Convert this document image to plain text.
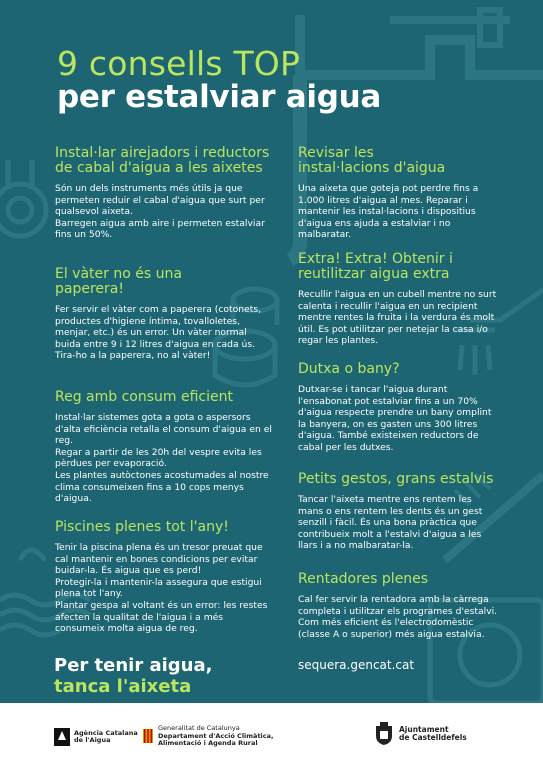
9 consells TOP
per estalviar aigua
Instal·lar airejadors i reductors de cabal d'aigua a les aixetes

Són un dels instruments més útils ja que permeten reduir el cabal d'aigua que surt per qualsevol aixeta.
Barregen aigua amb aire i permeten estalviar fins un 50%.

El vàter no és una paperera!

Fer servir el vàter com a paperera (cotonets, productes d'higiene íntima, tovalloletes, menjar, etc.) és un error. Un vàter normal buida entre 9 i 12 litres d'aigua en cada ús. Tira-ho a la paperera, no al vàter!

Reg amb consum eficient

Instal·lar sistemes gota a gota o aspersors d'alta eficiència retalla el consum d'aigua en el reg.
Regar a partir de les 20h del vespre evita les pèrdues per evaporació.
Les plantes autòctones acostumades al nostre clima consumeixen fins a 10 cops menys d'aigua.

Piscines plenes tot l'any!

Tenir la piscina plena és un tresor preuat que cal mantenir en bones condicions per evitar buidar-la. És aigua que es perd!
Protegir-la i mantenir-la assegura que estigui plena tot l'any.
Plantar gespa al voltant és un error: les restes afecten la qualitat de l'aigua i a més consumeix molta aigua de reg.

Revisar les instal·lacions d'aigua

Una aixeta que goteja pot perdre fins a 1.000 litres d'aigua al mes. Reparar i mantenir les instal·lacions i dispositius d'aigua ens ajuda a estalviar i no malbaratar.

Extra! Extra! Obtenir i reutilitzar aigua extra

Recullir l'aigua en un cubell mentre no surt calenta i recullir l'aigua en un recipient mentre rentes la fruita i la verdura és molt útil. Es pot utilitzar per netejar la casa i/o regar les plantes.

Dutxa o bany?

Dutxar-se i tancar l'aigua durant l'ensabonat pot estalviar fins a un 70% d'aigua respecte prendre un bany omplint la banyera, on es gasten uns 300 litres d'aigua. També existeixen reductors de cabal per les dutxes.

Petits gestos, grans estalvis

Tancar l'aixeta mentre ens rentem les mans o ens rentem les dents és un gest senzill i fàcil. És una bona pràctica que contribueix molt a l'estalvi d'aigua a les llars i a no malbaratar-la.

Rentadores plenes

Cal fer servir la rentadora amb la càrrega completa i utilitzar els programes d'estalvi.
Com més eficient és l'electrodomèstic (classe A o superior) més aigua estalvia.

Per tenir aigua,
tanca l'aixeta
sequera.gencat.cat
Agència Catalana
de l'Aigua
Generalitat de Catalunya
Departament d'Acció Climàtica,
Alimentació i Agenda Rural
Ajuntament
de Castelldefels
